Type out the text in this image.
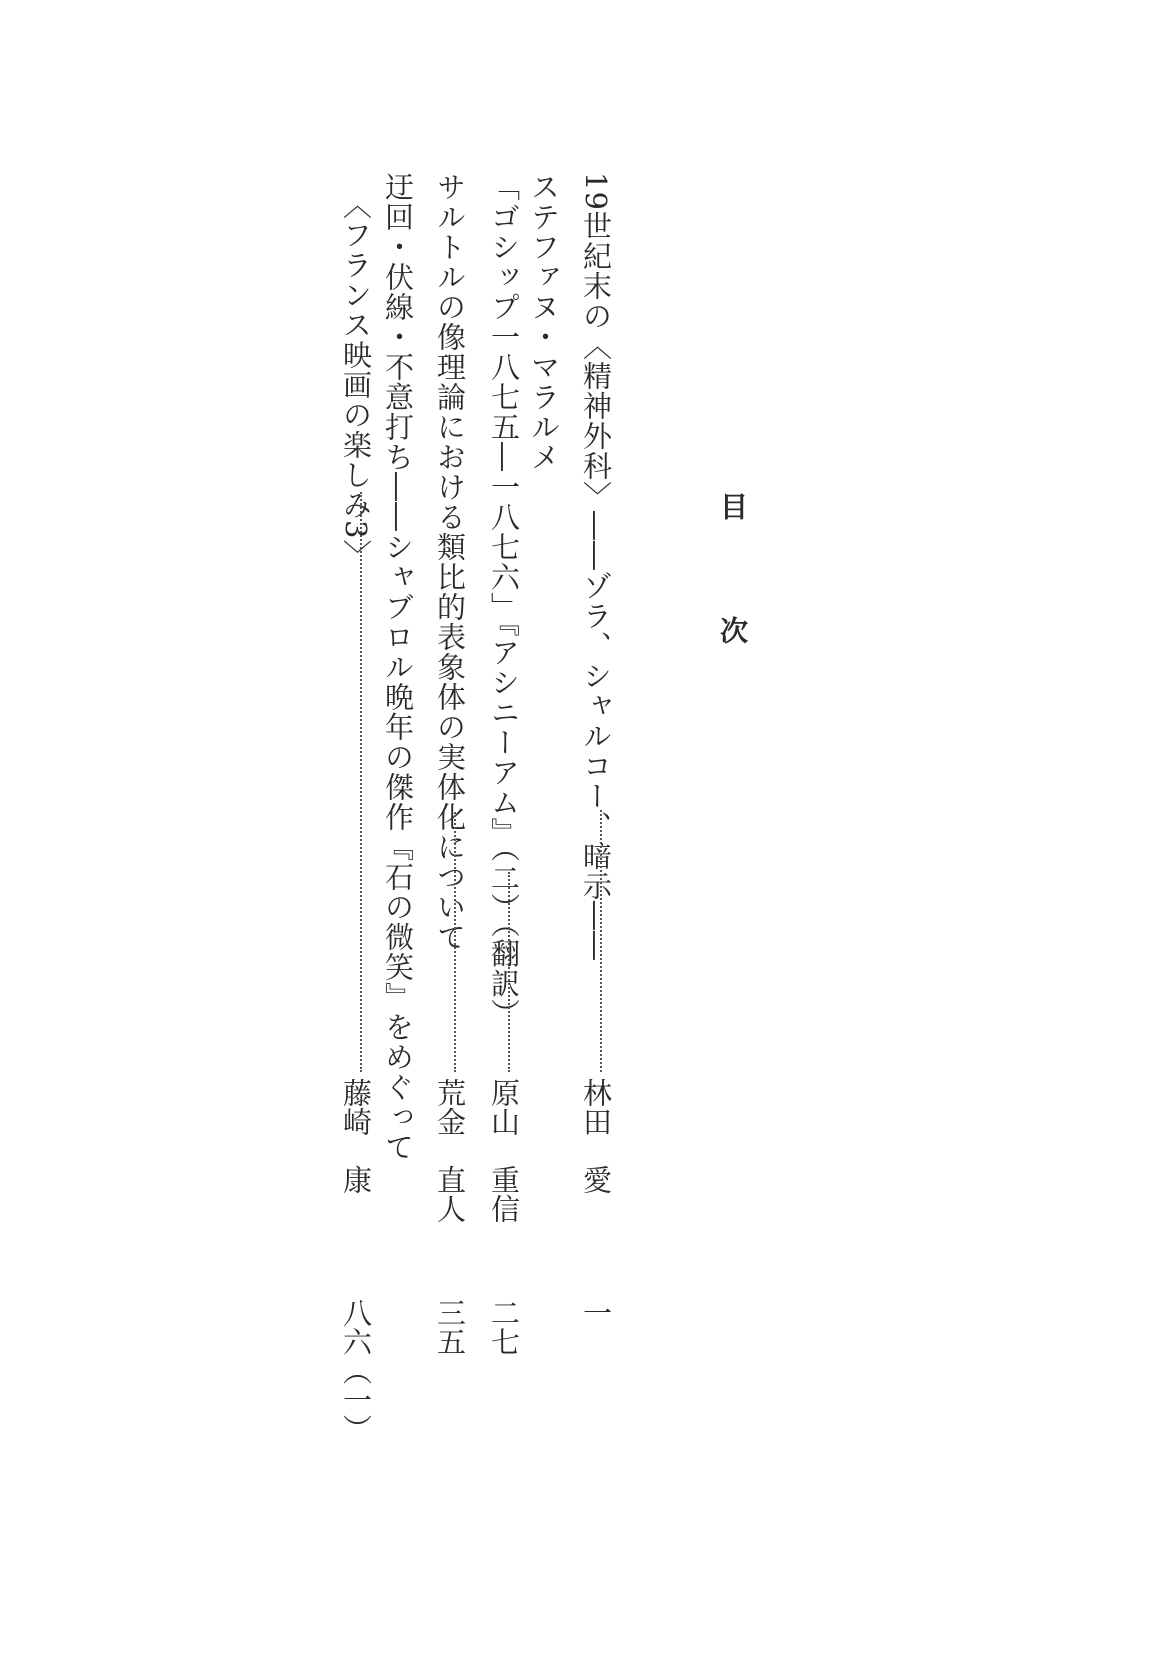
目　次
19世紀末の〈精神外科〉――ゾラ、シャルコー、暗示――
林田　愛
一
ステファヌ・マラルメ
「ゴシップ一八七五―一八七六」『アシニーアム』（二）（翻訳）
原山　重信
二七
サルトルの像理論における類比的表象体の実体化について
荒金　直人
三五
迂回・伏線・不意打ち――シャブロル晩年の傑作『石の微笑』をめぐって
〈フランス映画の楽しみ3〉
藤崎　康
八六（一）
